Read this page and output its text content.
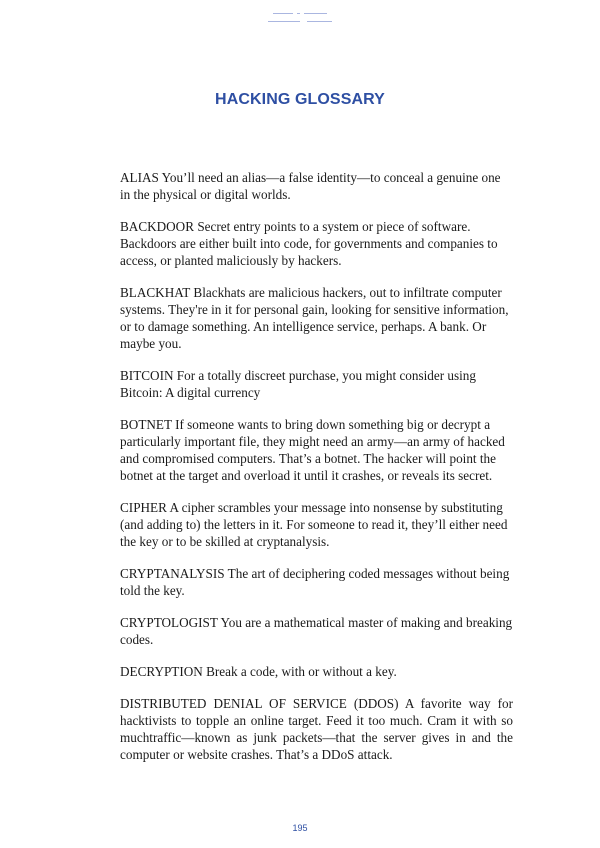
HACKING GLOSSARY

ALIAS You’ll need an alias—a false identity—to conceal a genuine one in the physical or digital worlds.

BACKDOOR Secret entry points to a system or piece of software. Backdoors are either built into code, for governments and companies to access, or planted maliciously by hackers.

BLACKHAT Blackhats are malicious hackers, out to infiltrate computer systems. They're in it for personal gain, looking for sensitive information, or to damage something. An intelligence service, perhaps. A bank. Or maybe you.

BITCOIN For a totally discreet purchase, you might consider using Bitcoin: A digital currency

BOTNET If someone wants to bring down something big or decrypt a particularly important file, they might need an army—an army of hacked and compromised computers. That’s a botnet. The hacker will point the botnet at the target and overload it until it crashes, or reveals its secret.

CIPHER A cipher scrambles your message into nonsense by substituting (and adding to) the letters in it. For someone to read it, they’ll either need the key or to be skilled at cryptanalysis.

CRYPTANALYSIS The art of deciphering coded messages without being told the key.

CRYPTOLOGIST You are a mathematical master of making and breaking codes.

DECRYPTION Break a code, with or without a key.

DISTRIBUTED DENIAL OF SERVICE (DDOS) A favorite way for hacktivists to topple an online target. Feed it too much. Cram it with so muchtraffic—known as junk packets—that the server gives in and the computer or website crashes. That’s a DDoS attack.

195
